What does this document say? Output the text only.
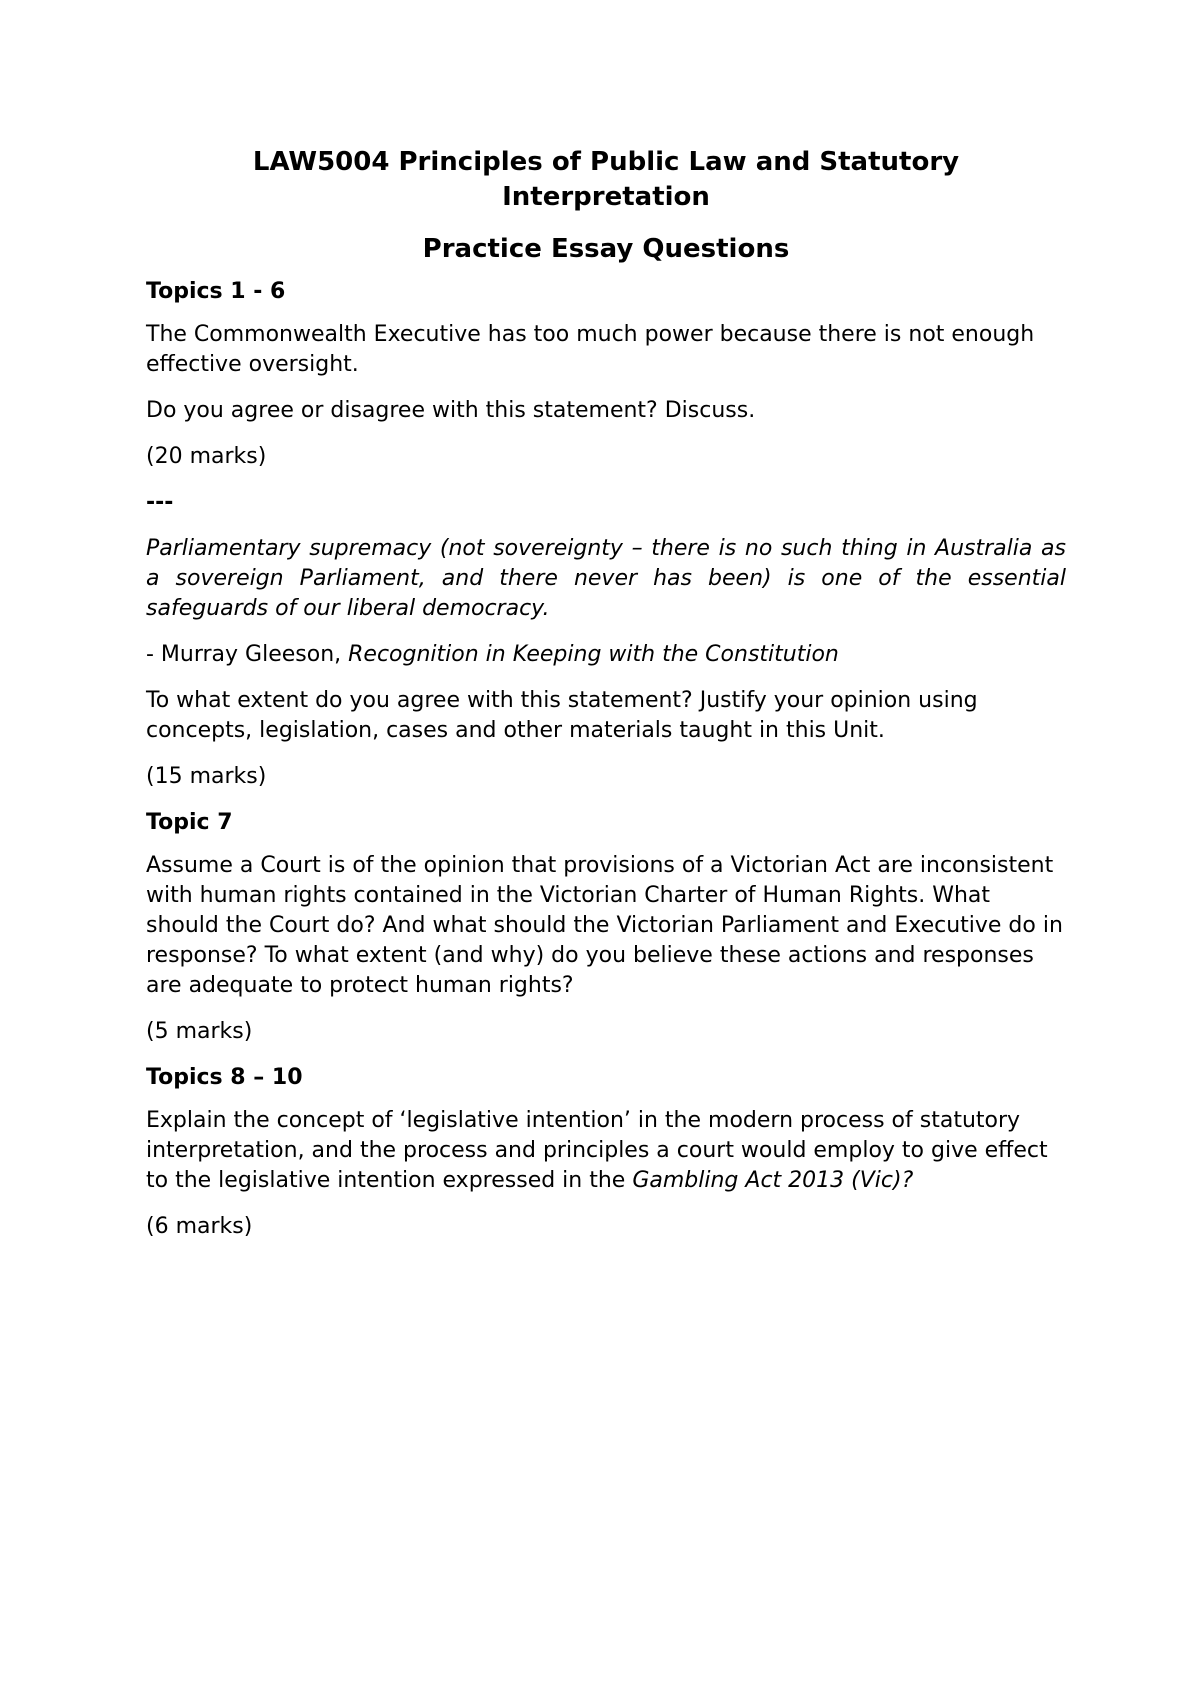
LAW5004 Principles of Public Law and Statutory Interpretation
Practice Essay Questions
Topics 1 - 6

The Commonwealth Executive has too much power because there is not enough effective oversight.

Do you agree or disagree with this statement? Discuss.

(20 marks)

---

Parliamentary supremacy (not sovereignty – there is no such thing in Australia as a sovereign Parliament, and there never has been) is one of the essential safeguards of our liberal democracy.

- Murray Gleeson, Recognition in Keeping with the Constitution

To what extent do you agree with this statement? Justify your opinion using concepts, legislation, cases and other materials taught in this Unit.

(15 marks)

Topic 7

Assume a Court is of the opinion that provisions of a Victorian Act are inconsistent with human rights contained in the Victorian Charter of Human Rights. What should the Court do? And what should the Victorian Parliament and Executive do in response? To what extent (and why) do you believe these actions and responses are adequate to protect human rights?

(5 marks)

Topics 8 – 10

Explain the concept of ‘legislative intention’ in the modern process of statutory interpretation, and the process and principles a court would employ to give effect to the legislative intention expressed in the Gambling Act 2013 (Vic)?

(6 marks)
